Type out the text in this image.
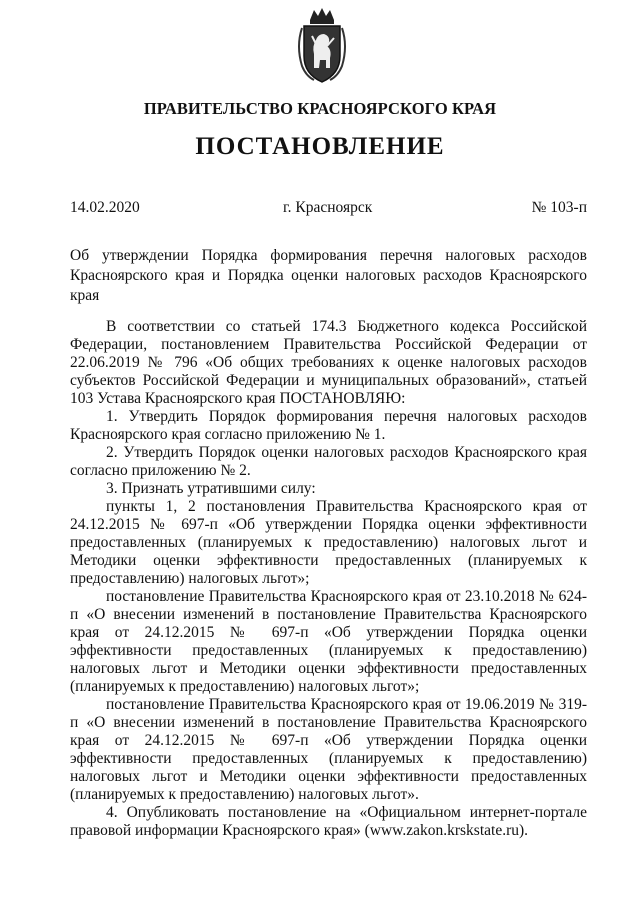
ПРАВИТЕЛЬСТВО КРАСНОЯРСКОГО КРАЯ
ПОСТАНОВЛЕНИЕ
14.02.2020	г. Красноярск	№ 103-п
Об утверждении Порядка формирования перечня налоговых расходов Красноярского края и Порядка оценки налоговых расходов Красноярского края

В соответствии со статьей 174.3 Бюджетного кодекса Российской Федерации, постановлением Правительства Российской Федерации от 22.06.2019 № 796 «Об общих требованиях к оценке налоговых расходов субъектов Российской Федерации и муниципальных образований», статьей 103 Устава Красноярского края ПОСТАНОВЛЯЮ:

1. Утвердить Порядок формирования перечня налоговых расходов Красноярского края согласно приложению № 1.

2. Утвердить Порядок оценки налоговых расходов Красноярского края согласно приложению № 2.

3. Признать утратившими силу:

пункты 1, 2 постановления Правительства Красноярского края от 24.12.2015 № 697-п «Об утверждении Порядка оценки эффективности предоставленных (планируемых к предоставлению) налоговых льгот и Методики оценки эффективности предоставленных (планируемых к предоставлению) налоговых льгот»;

постановление Правительства Красноярского края от 23.10.2018 № 624-п «О внесении изменений в постановление Правительства Красноярского края от 24.12.2015 № 697-п «Об утверждении Порядка оценки эффективности предоставленных (планируемых к предоставлению) налоговых льгот и Методики оценки эффективности предоставленных (планируемых к предоставлению) налоговых льгот»;

постановление Правительства Красноярского края от 19.06.2019 № 319-п «О внесении изменений в постановление Правительства Красноярского края от 24.12.2015 № 697-п «Об утверждении Порядка оценки эффективности предоставленных (планируемых к предоставлению) налоговых льгот и Методики оценки эффективности предоставленных (планируемых к предоставлению) налоговых льгот».

4. Опубликовать постановление на «Официальном интернет-портале правовой информации Красноярского края» (www.zakon.krskstate.ru).
